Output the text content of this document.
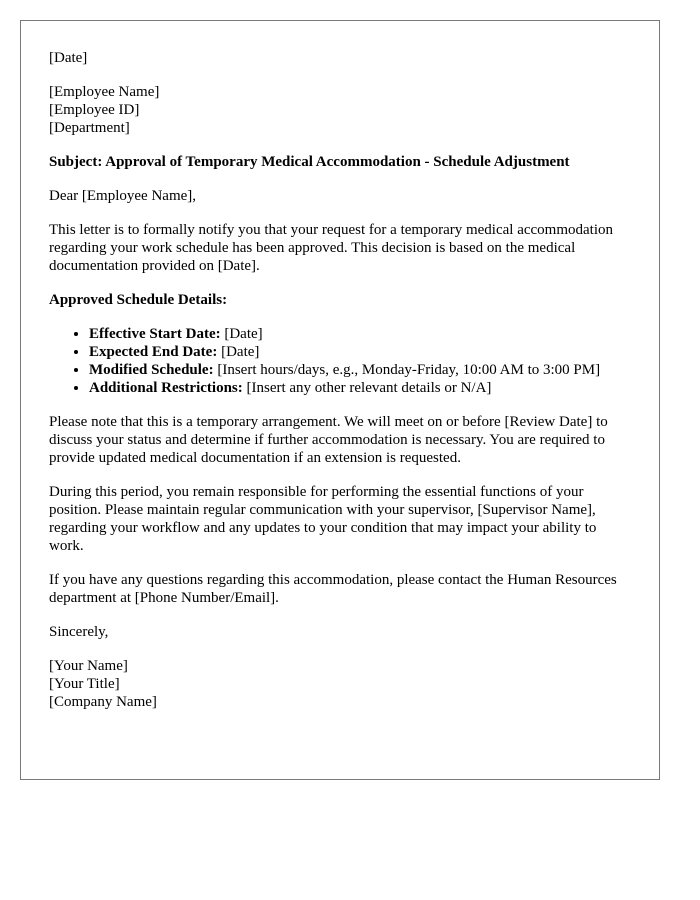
[Date]

[Employee Name]
[Employee ID]
[Department]

Subject: Approval of Temporary Medical Accommodation - Schedule Adjustment

Dear [Employee Name],

This letter is to formally notify you that your request for a temporary medical accommodation regarding your work schedule has been approved. This decision is based on the medical documentation provided on [Date].

Approved Schedule Details:

• Effective Start Date: [Date]
• Expected End Date: [Date]
• Modified Schedule: [Insert hours/days, e.g., Monday-Friday, 10:00 AM to 3:00 PM]
• Additional Restrictions: [Insert any other relevant details or N/A]

Please note that this is a temporary arrangement. We will meet on or before [Review Date] to discuss your status and determine if further accommodation is necessary. You are required to provide updated medical documentation if an extension is requested.

During this period, you remain responsible for performing the essential functions of your position. Please maintain regular communication with your supervisor, [Supervisor Name], regarding your workflow and any updates to your condition that may impact your ability to work.

If you have any questions regarding this accommodation, please contact the Human Resources department at [Phone Number/Email].

Sincerely,

[Your Name]
[Your Title]
[Company Name]
